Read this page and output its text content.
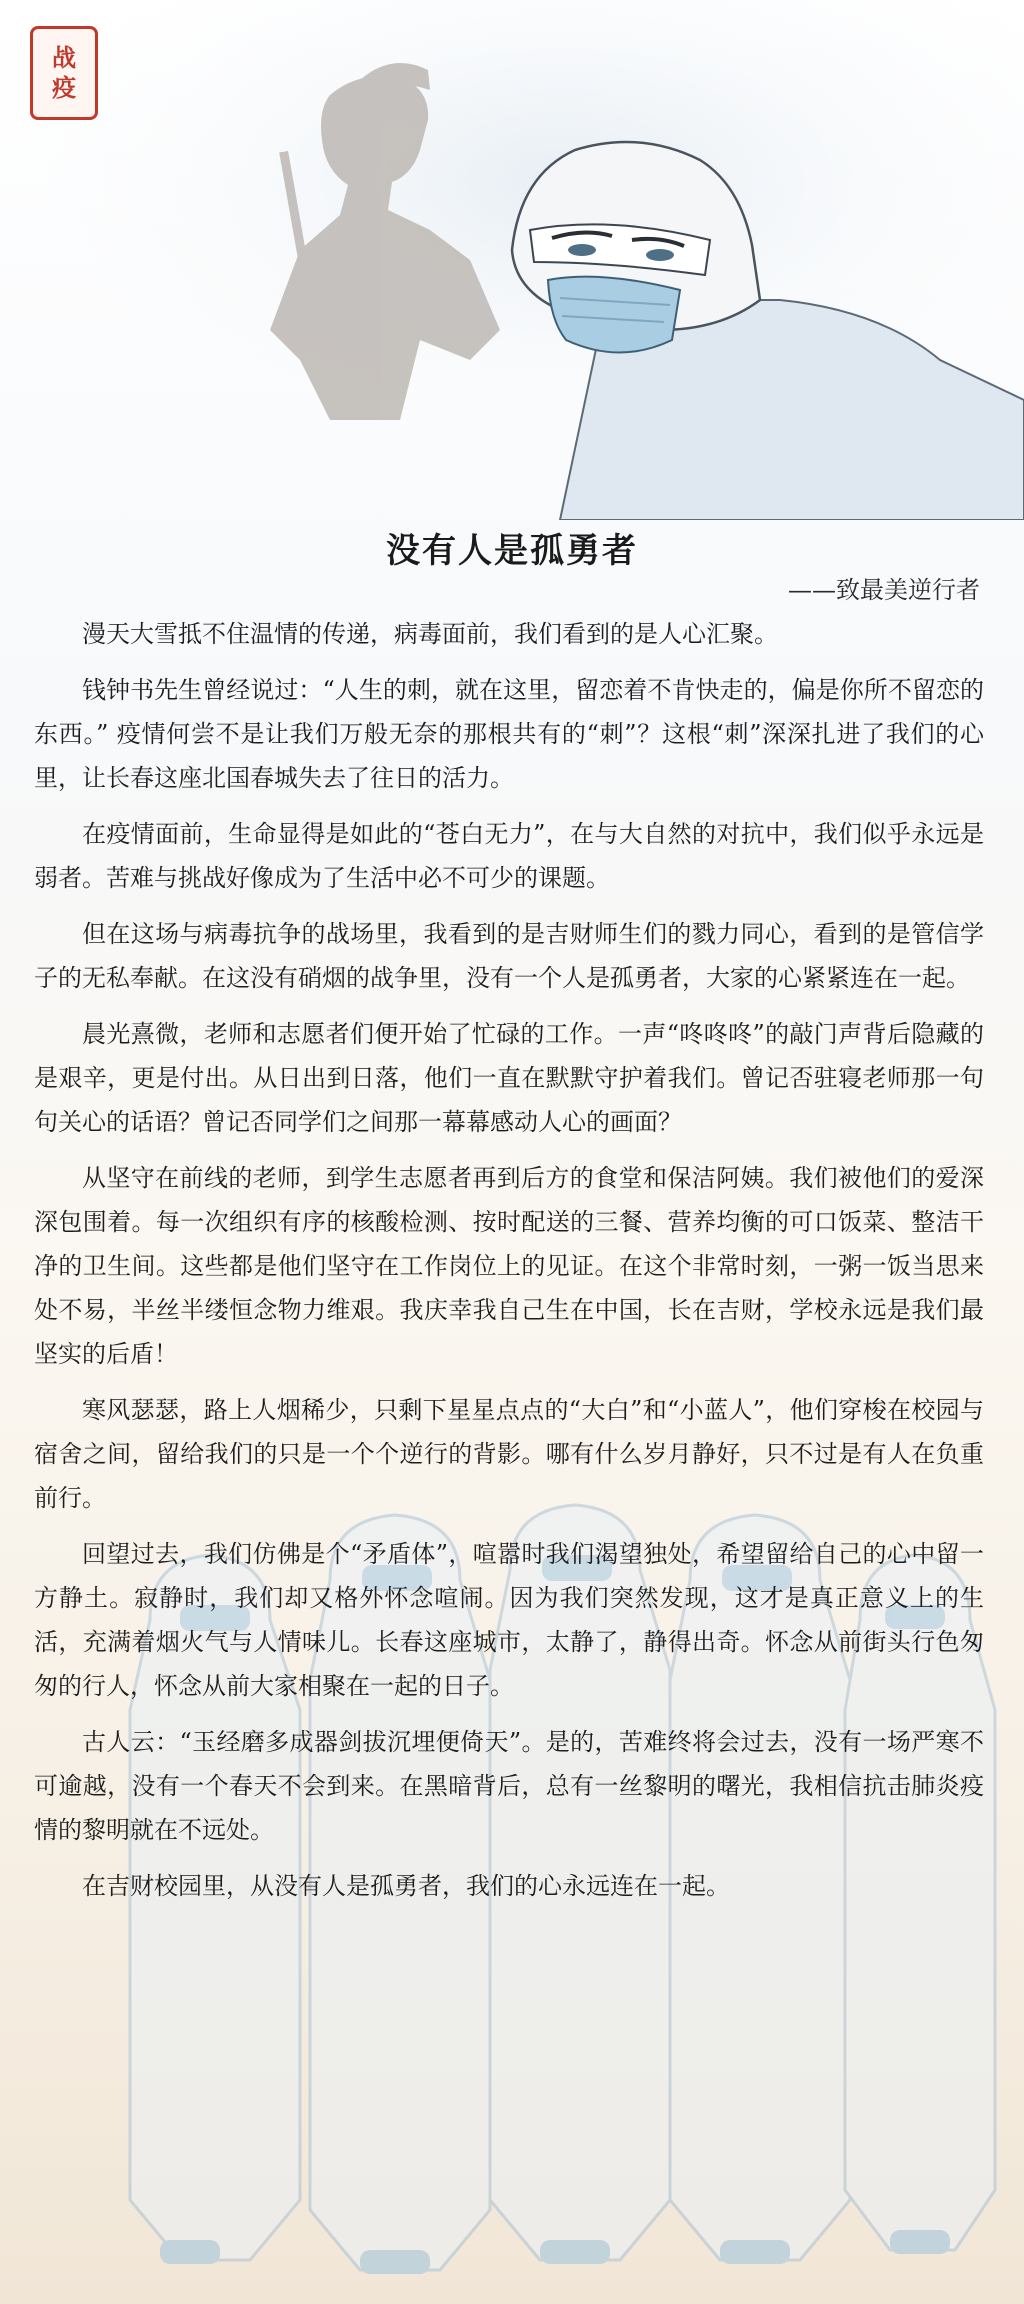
战
疫
没有人是孤勇者
——致最美逆行者

漫天大雪抵不住温情的传递，病毒面前，我们看到的是人心汇聚。

钱钟书先生曾经说过：“人生的刺，就在这里，留恋着不肯快走的，偏是你所不留恋的东西。” 疫情何尝不是让我们万般无奈的那根共有的“刺”？这根“刺”深深扎进了我们的心里，让长春这座北国春城失去了往日的活力。

在疫情面前，生命显得是如此的“苍白无力”，在与大自然的对抗中，我们似乎永远是弱者。苦难与挑战好像成为了生活中必不可少的课题。

但在这场与病毒抗争的战场里，我看到的是吉财师生们的戮力同心，看到的是管信学子的无私奉献。在这没有硝烟的战争里，没有一个人是孤勇者，大家的心紧紧连在一起。

晨光熹微，老师和志愿者们便开始了忙碌的工作。一声“咚咚咚”的敲门声背后隐藏的是艰辛，更是付出。从日出到日落，他们一直在默默守护着我们。曾记否驻寝老师那一句句关心的话语？曾记否同学们之间那一幕幕感动人心的画面？

从坚守在前线的老师，到学生志愿者再到后方的食堂和保洁阿姨。我们被他们的爱深深包围着。每一次组织有序的核酸检测、按时配送的三餐、营养均衡的可口饭菜、整洁干净的卫生间。这些都是他们坚守在工作岗位上的见证。在这个非常时刻，一粥一饭当思来处不易，半丝半缕恒念物力维艰。我庆幸我自己生在中国，长在吉财，学校永远是我们最坚实的后盾！

寒风瑟瑟，路上人烟稀少，只剩下星星点点的“大白”和“小蓝人”，他们穿梭在校园与宿舍之间，留给我们的只是一个个逆行的背影。哪有什么岁月静好，只不过是有人在负重前行。

回望过去，我们仿佛是个“矛盾体”，喧嚣时我们渴望独处，希望留给自己的心中留一方静土。寂静时，我们却又格外怀念喧闹。因为我们突然发现，这才是真正意义上的生活，充满着烟火气与人情味儿。长春这座城市，太静了，静得出奇。怀念从前街头行色匆匆的行人，怀念从前大家相聚在一起的日子。

古人云：“玉经磨多成器剑拔沉埋便倚天”。是的，苦难终将会过去，没有一场严寒不可逾越，没有一个春天不会到来。在黑暗背后，总有一丝黎明的曙光，我相信抗击肺炎疫情的黎明就在不远处。

在吉财校园里，从没有人是孤勇者，我们的心永远连在一起。
